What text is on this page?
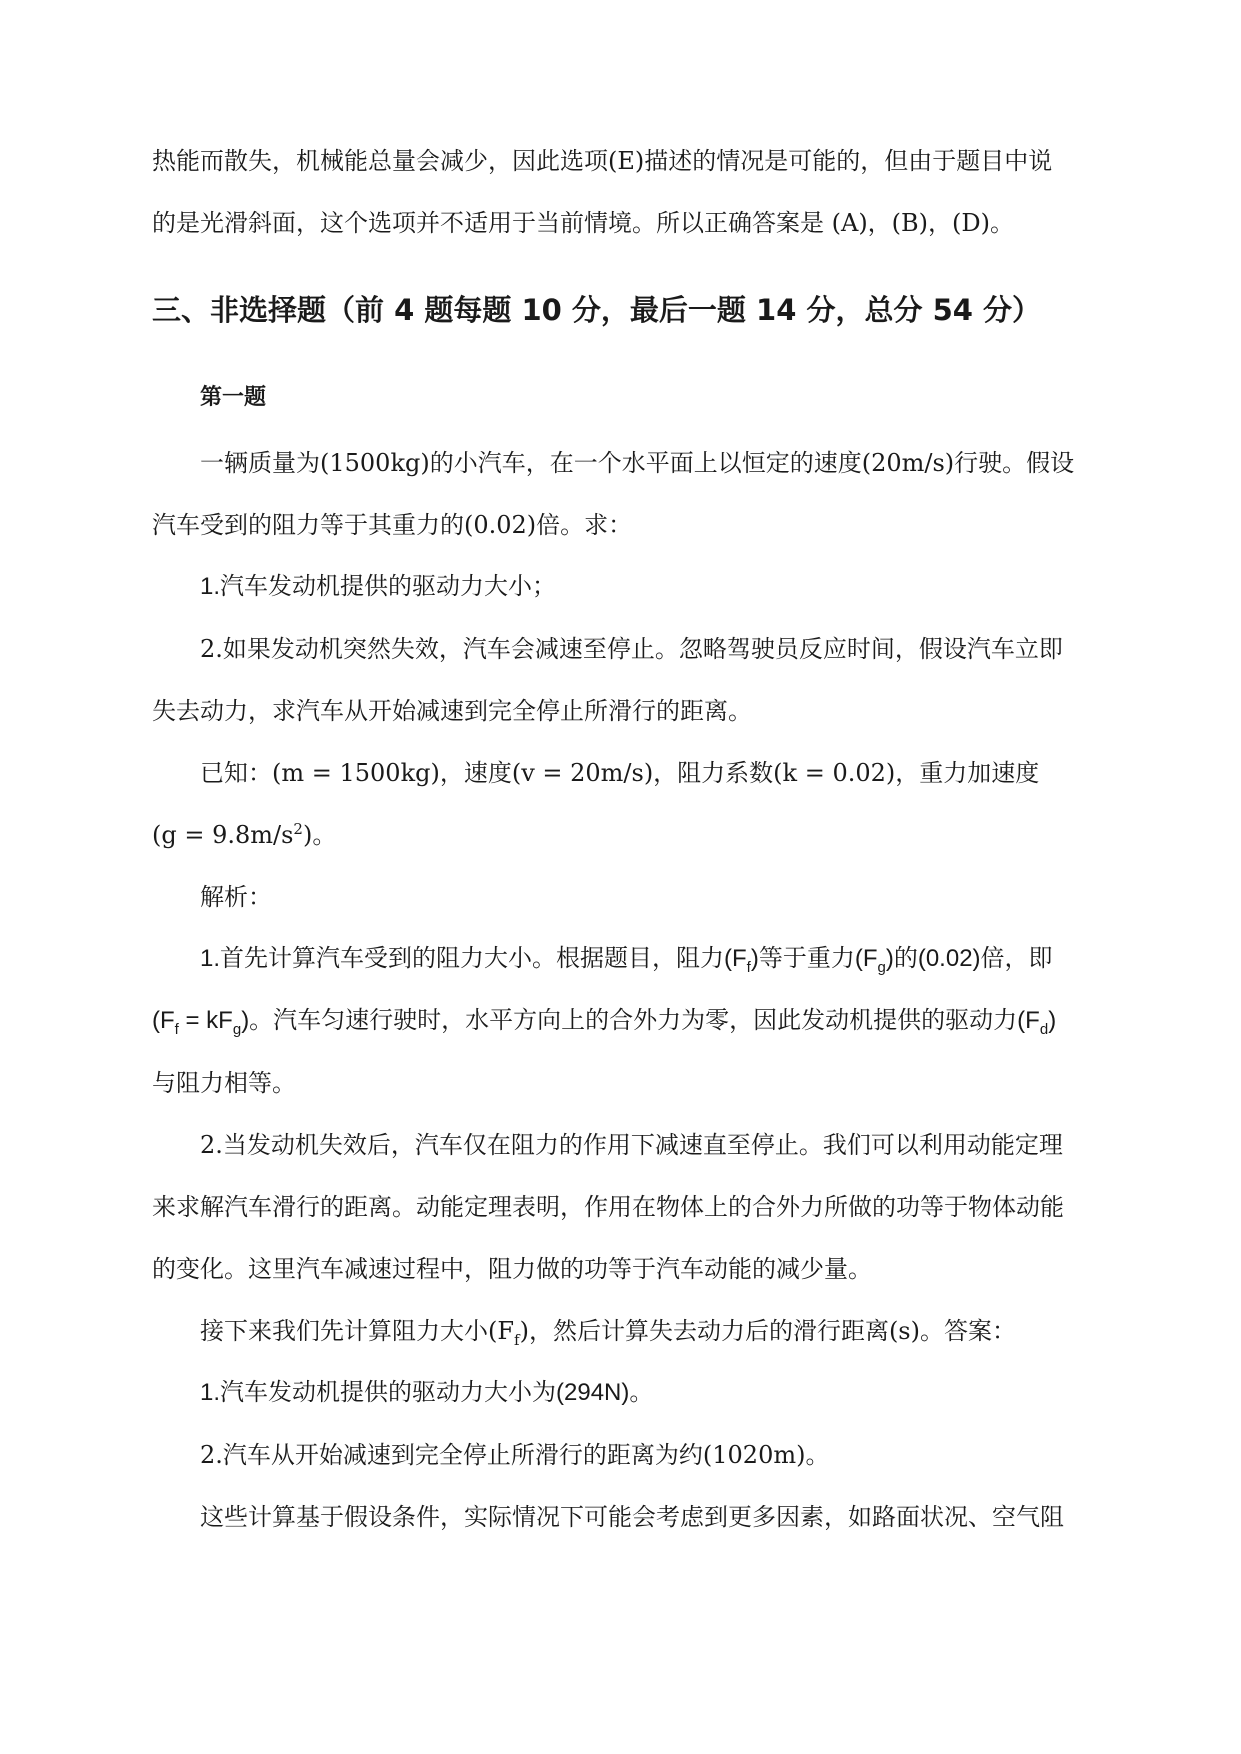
热能而散失，机械能总量会减少，因此选项(E)描述的情况是可能的，但由于题目中说
的是光滑斜面，这个选项并不适用于当前情境。所以正确答案是 (A)，(B)，(D)。

三、非选择题（前 4 题每题 10 分，最后一题 14 分，总分 54 分）
第一题

一辆质量为(1500kg)的小汽车，在一个水平面上以恒定的速度(20m/s)行驶。假设
汽车受到的阻力等于其重力的(0.02)倍。求：

1.汽车发动机提供的驱动力大小；

2.如果发动机突然失效，汽车会减速至停止。忽略驾驶员反应时间，假设汽车立即
失去动力，求汽车从开始减速到完全停止所滑行的距离。

已知：(m = 1500kg)，速度(v = 20m/s)，阻力系数(k = 0.02)，重力加速度
$(g = 9.8m/s^2)$。

解析：

1.首先计算汽车受到的阻力大小。根据题目，阻力$(F_f)$等于重力$(F_g)$的(0.02)倍，即
$(F_f = kF_g)$。汽车匀速行驶时，水平方向上的合外力为零，因此发动机提供的驱动力$(F_d)$
与阻力相等。

2.当发动机失效后，汽车仅在阻力的作用下减速直至停止。我们可以利用动能定理
来求解汽车滑行的距离。动能定理表明，作用在物体上的合外力所做的功等于物体动能
的变化。这里汽车减速过程中，阻力做的功等于汽车动能的减少量。

接下来我们先计算阻力大小$(F_f)$，然后计算失去动力后的滑行距离(s)。答案：

1.汽车发动机提供的驱动力大小为(294N)。

2.汽车从开始减速到完全停止所滑行的距离为约(1020m)。

这些计算基于假设条件，实际情况下可能会考虑到更多因素，如路面状况、空气阻
